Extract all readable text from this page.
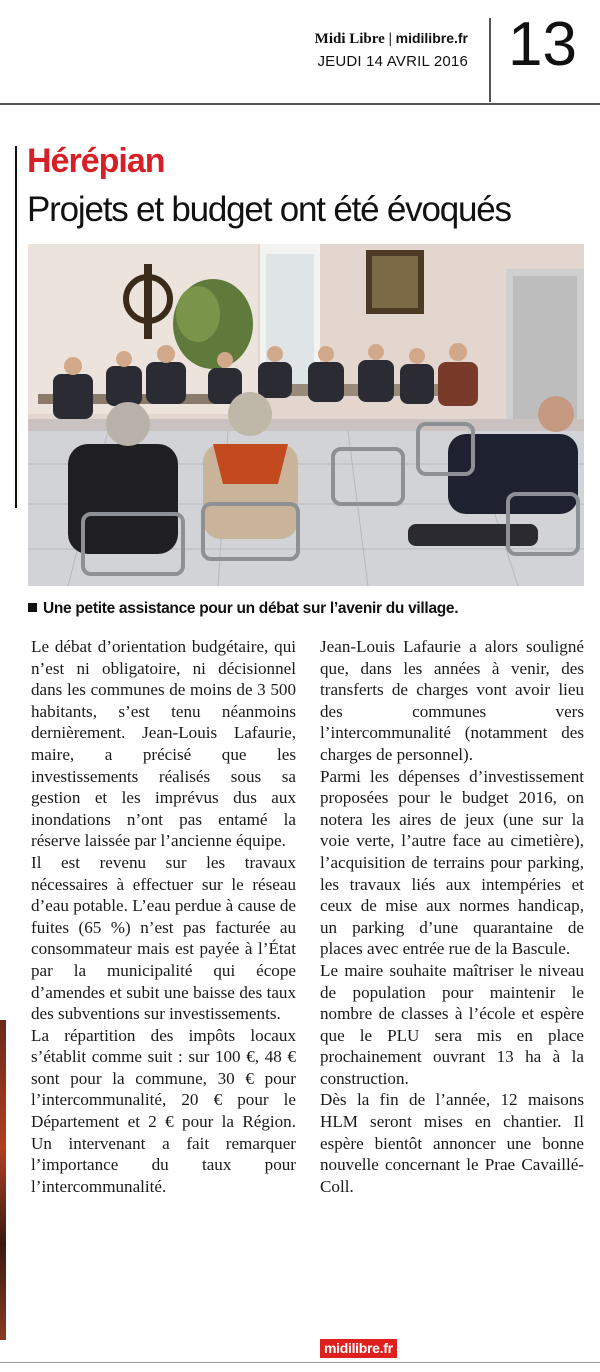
Midi Libre | midilibre.fr
JEUDI 14 AVRIL 2016 13
Hérépian
Projets et budget ont été évoqués
Une petite assistance pour un débat sur l’avenir du village.

Le débat d’orientation budgétaire, qui n’est ni obligatoire, ni décisionnel dans les communes de moins de 3 500 habitants, s’est tenu néanmoins dernièrement. Jean-Louis Lafaurie, maire, a précisé que les investissements réalisés sous sa gestion et les imprévus dus aux inondations n’ont pas entamé la réserve laissée par l’ancienne équipe.

Il est revenu sur les travaux nécessaires à effectuer sur le réseau d’eau potable. L’eau perdue à cause de fuites (65 %) n’est pas facturée au consommateur mais est payée à l’État par la municipalité qui écope d’amendes et subit une baisse des taux des subventions sur investissements.

La répartition des impôts locaux s’établit comme suit : sur 100 €, 48 € sont pour la commune, 30 € pour l’intercommunalité, 20 € pour le Département et 2 € pour la Région. Un intervenant a fait remarquer l’importance du taux pour l’intercommunalité.

Jean-Louis Lafaurie a alors souligné que, dans les années à venir, des transferts de charges vont avoir lieu des communes vers l’intercommunalité (notamment des charges de personnel).

Parmi les dépenses d’investissement proposées pour le budget 2016, on notera les aires de jeux (une sur la voie verte, l’autre face au cimetière), l’acquisition de terrains pour parking, les travaux liés aux intempéries et ceux de mise aux normes handicap, un parking d’une quarantaine de places avec entrée rue de la Bascule.

Le maire souhaite maîtriser le niveau de population pour maintenir le nombre de classes à l’école et espère que le PLU sera mis en place prochainement ouvrant 13 ha à la construction.

Dès la fin de l’année, 12 maisons HLM seront mises en chantier. Il espère bientôt annoncer une bonne nouvelle concernant le Prae Cavaillé-Coll.

midilibre.fr
